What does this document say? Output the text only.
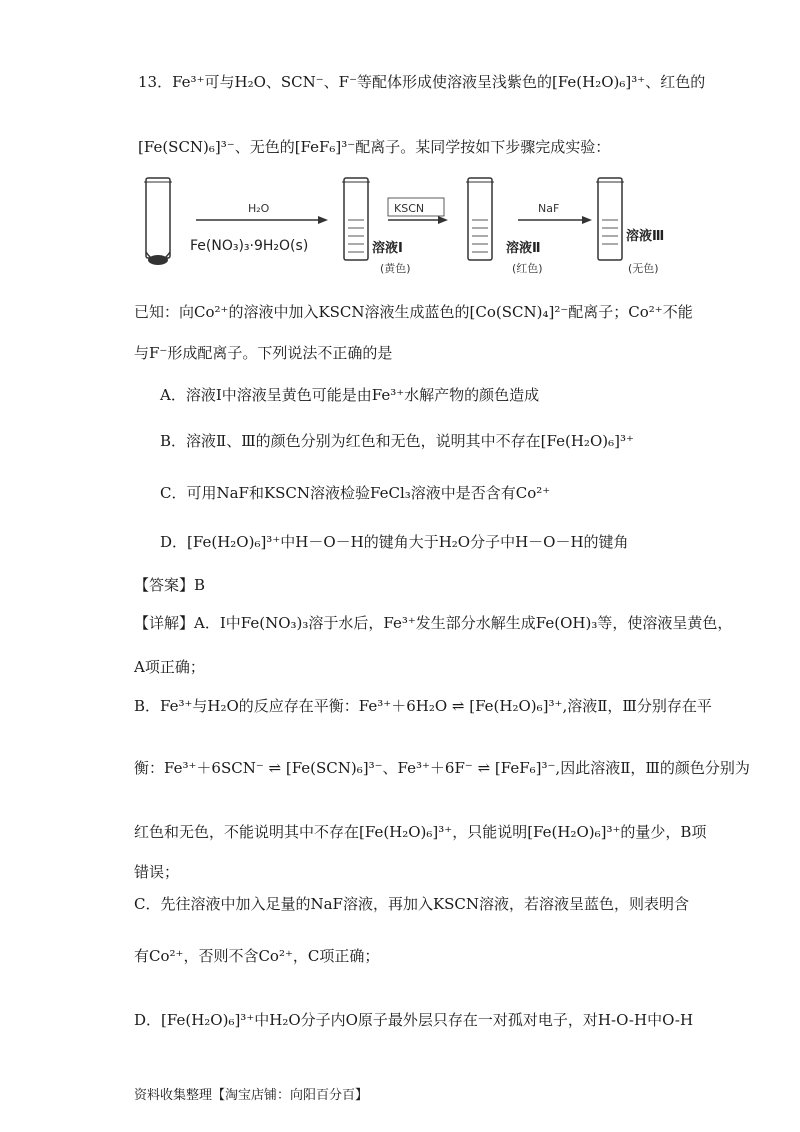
13．Fe³⁺可与H₂O、SCN⁻、F⁻等配体形成使溶液呈浅紫色的[Fe(H₂O)₆]³⁺、红色的
[Fe(SCN)₆]³⁻、无色的[FeF₆]³⁻配离子。某同学按如下步骤完成实验：
H₂O
Fe(NO₃)₃·9H₂O(s)	溶液Ⅰ
(黄色)
KSCN
溶液Ⅱ
(红色)
NaF
(无色)
溶液Ⅲ
已知：向Co²⁺的溶液中加入KSCN溶液生成蓝色的[Co(SCN)₄]²⁻配离子；Co²⁺不能
与F⁻形成配离子。下列说法不正确的是
A．溶液Ⅰ中溶液呈黄色可能是由Fe³⁺水解产物的颜色造成
B．溶液Ⅱ、Ⅲ的颜色分别为红色和无色，说明其中不存在[Fe(H₂O)₆]³⁺
C．可用NaF和KSCN溶液检验FeCl₃溶液中是否含有Co²⁺
D．[Fe(H₂O)₆]³⁺中H－O－H的键角大于H₂O分子中H－O－H的键角
【答案】B
【详解】A．Ⅰ中Fe(NO₃)₃溶于水后，Fe³⁺发生部分水解生成Fe(OH)₃等，使溶液呈黄色，
A项正确；
B．Fe³⁺与H₂O的反应存在平衡：Fe³⁺＋6H₂O ⇌ [Fe(H₂O)₆]³⁺,溶液Ⅱ，Ⅲ分别存在平
衡：Fe³⁺＋6SCN⁻ ⇌ [Fe(SCN)₆]³⁻、Fe³⁺＋6F⁻ ⇌ [FeF₆]³⁻,因此溶液Ⅱ，Ⅲ的颜色分别为
红色和无色，不能说明其中不存在[Fe(H₂O)₆]³⁺，只能说明[Fe(H₂O)₆]³⁺的量少，B项
错误；
C．先往溶液中加入足量的NaF溶液，再加入KSCN溶液，若溶液呈蓝色，则表明含
有Co²⁺，否则不含Co²⁺，C项正确；
D．[Fe(H₂O)₆]³⁺中H₂O分子内O原子最外层只存在一对孤对电子，对H-O-H中O-H
资料收集整理【淘宝店铺：向阳百分百】
